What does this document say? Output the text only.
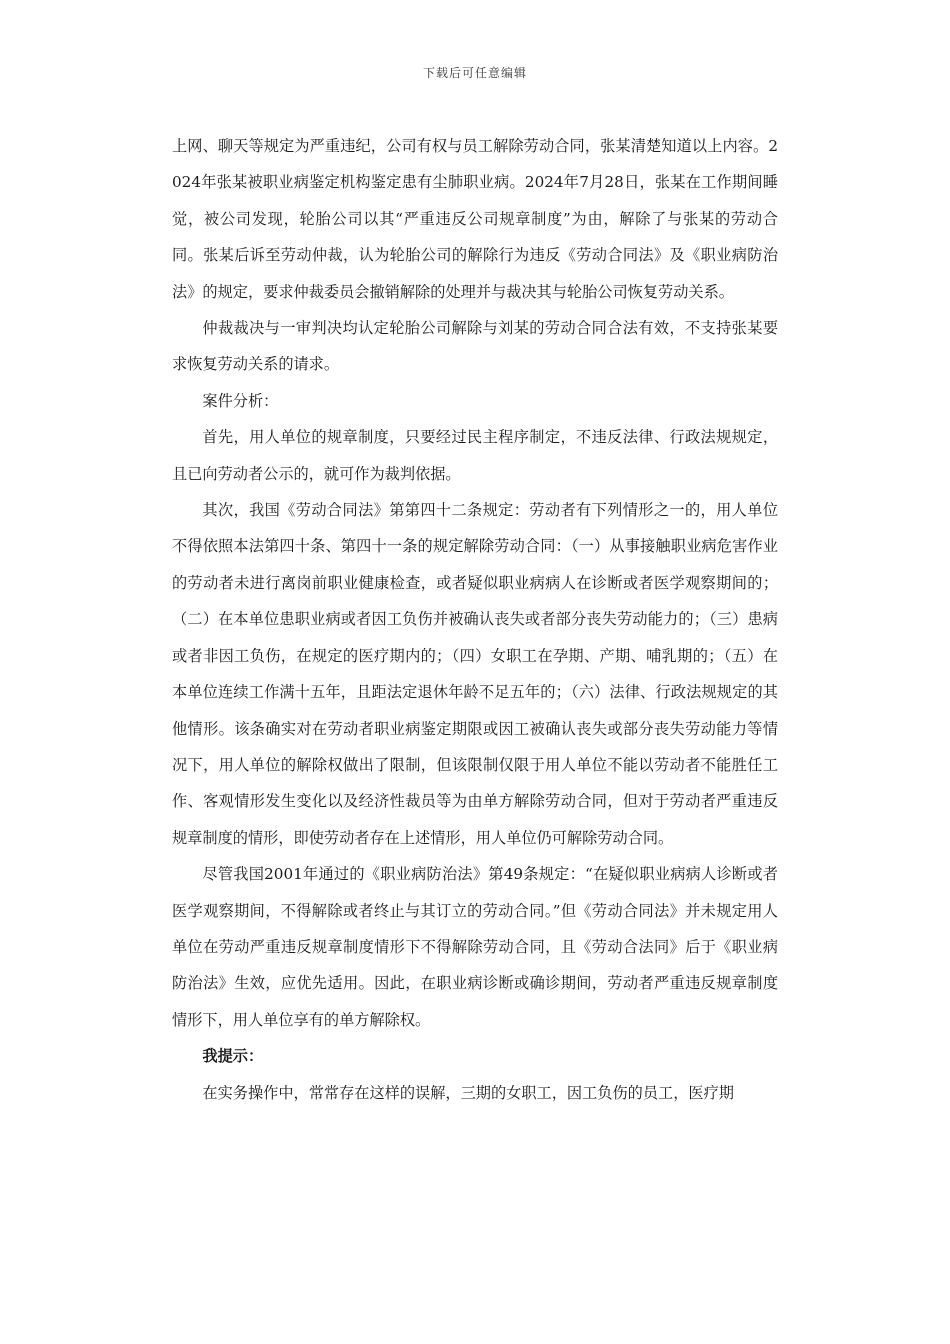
下载后可任意编辑

上网、聊天等规定为严重违纪，公司有权与员工解除劳动合同，张某清楚知道以上内容。2024年张某被职业病鉴定机构鉴定患有尘肺职业病。2024年7月28日，张某在工作期间睡觉，被公司发现，轮胎公司以其“严重违反公司规章制度”为由，解除了与张某的劳动合同。张某后诉至劳动仲裁，认为轮胎公司的解除行为违反《劳动合同法》及《职业病防治法》的规定，要求仲裁委员会撤销解除的处理并与裁决其与轮胎公司恢复劳动关系。

仲裁裁决与一审判决均认定轮胎公司解除与刘某的劳动合同合法有效，不支持张某要求恢复劳动关系的请求。

案件分析：

首先，用人单位的规章制度，只要经过民主程序制定，不违反法律、行政法规规定，且已向劳动者公示的，就可作为裁判依据。

其次，我国《劳动合同法》第第四十二条规定：劳动者有下列情形之一的，用人单位不得依照本法第四十条、第四十一条的规定解除劳动合同：（一）从事接触职业病危害作业的劳动者未进行离岗前职业健康检查，或者疑似职业病病人在诊断或者医学观察期间的；（二）在本单位患职业病或者因工负伤并被确认丧失或者部分丧失劳动能力的；（三）患病或者非因工负伤，在规定的医疗期内的；（四）女职工在孕期、产期、哺乳期的；（五）在本单位连续工作满十五年，且距法定退休年龄不足五年的；（六）法律、行政法规规定的其他情形。该条确实对在劳动者职业病鉴定期限或因工被确认丧失或部分丧失劳动能力等情况下，用人单位的解除权做出了限制，但该限制仅限于用人单位不能以劳动者不能胜任工作、客观情形发生变化以及经济性裁员等为由单方解除劳动合同，但对于劳动者严重违反规章制度的情形，即使劳动者存在上述情形，用人单位仍可解除劳动合同。

尽管我国2001年通过的《职业病防治法》第49条规定：“在疑似职业病病人诊断或者医学观察期间，不得解除或者终止与其订立的劳动合同。”但《劳动合同法》并未规定用人单位在劳动严重违反规章制度情形下不得解除劳动合同，且《劳动合法同》后于《职业病防治法》生效，应优先适用。因此，在职业病诊断或确诊期间，劳动者严重违反规章制度情形下，用人单位享有的单方解除权。

我提示：

在实务操作中，常常存在这样的误解，三期的女职工，因工负伤的员工，医疗期
